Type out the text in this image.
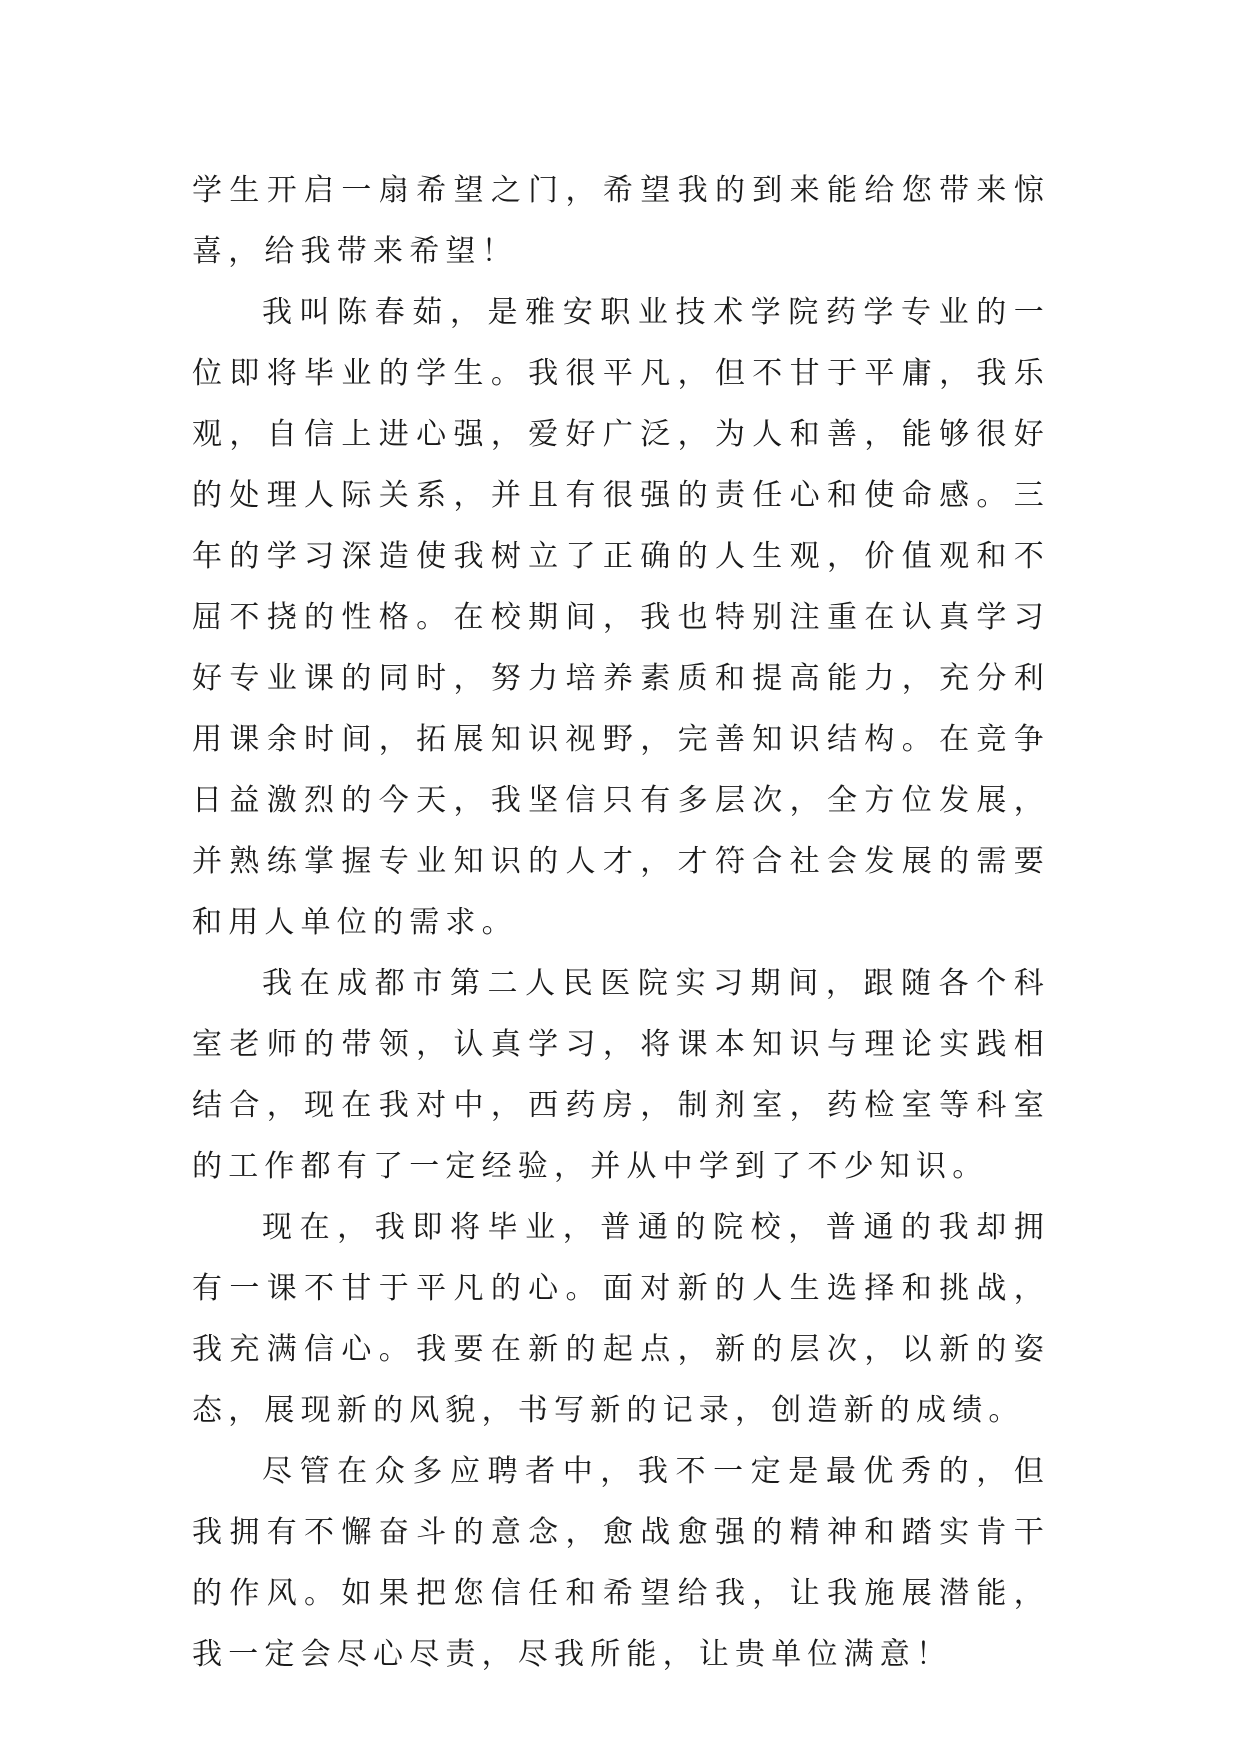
学生开启一扇希望之门，希望我的到来能给您带来惊喜，给我带来希望！

我叫陈春茹，是雅安职业技术学院药学专业的一位即将毕业的学生。我很平凡，但不甘于平庸，我乐观，自信上进心强，爱好广泛，为人和善，能够很好的处理人际关系，并且有很强的责任心和使命感。三年的学习深造使我树立了正确的人生观，价值观和不屈不挠的性格。在校期间，我也特别注重在认真学习好专业课的同时，努力培养素质和提高能力，充分利用课余时间，拓展知识视野，完善知识结构。在竞争日益激烈的今天，我坚信只有多层次，全方位发展，并熟练掌握专业知识的人才，才符合社会发展的需要和用人单位的需求。

我在成都市第二人民医院实习期间，跟随各个科室老师的带领，认真学习，将课本知识与理论实践相结合，现在我对中，西药房，制剂室，药检室等科室的工作都有了一定经验，并从中学到了不少知识。

现在，我即将毕业，普通的院校，普通的我却拥有一课不甘于平凡的心。面对新的人生选择和挑战，我充满信心。我要在新的起点，新的层次，以新的姿态，展现新的风貌，书写新的记录，创造新的成绩。

尽管在众多应聘者中，我不一定是最优秀的，但我拥有不懈奋斗的意念，愈战愈强的精神和踏实肯干的作风。如果把您信任和希望给我，让我施展潜能，我一定会尽心尽责，尽我所能，让贵单位满意！
